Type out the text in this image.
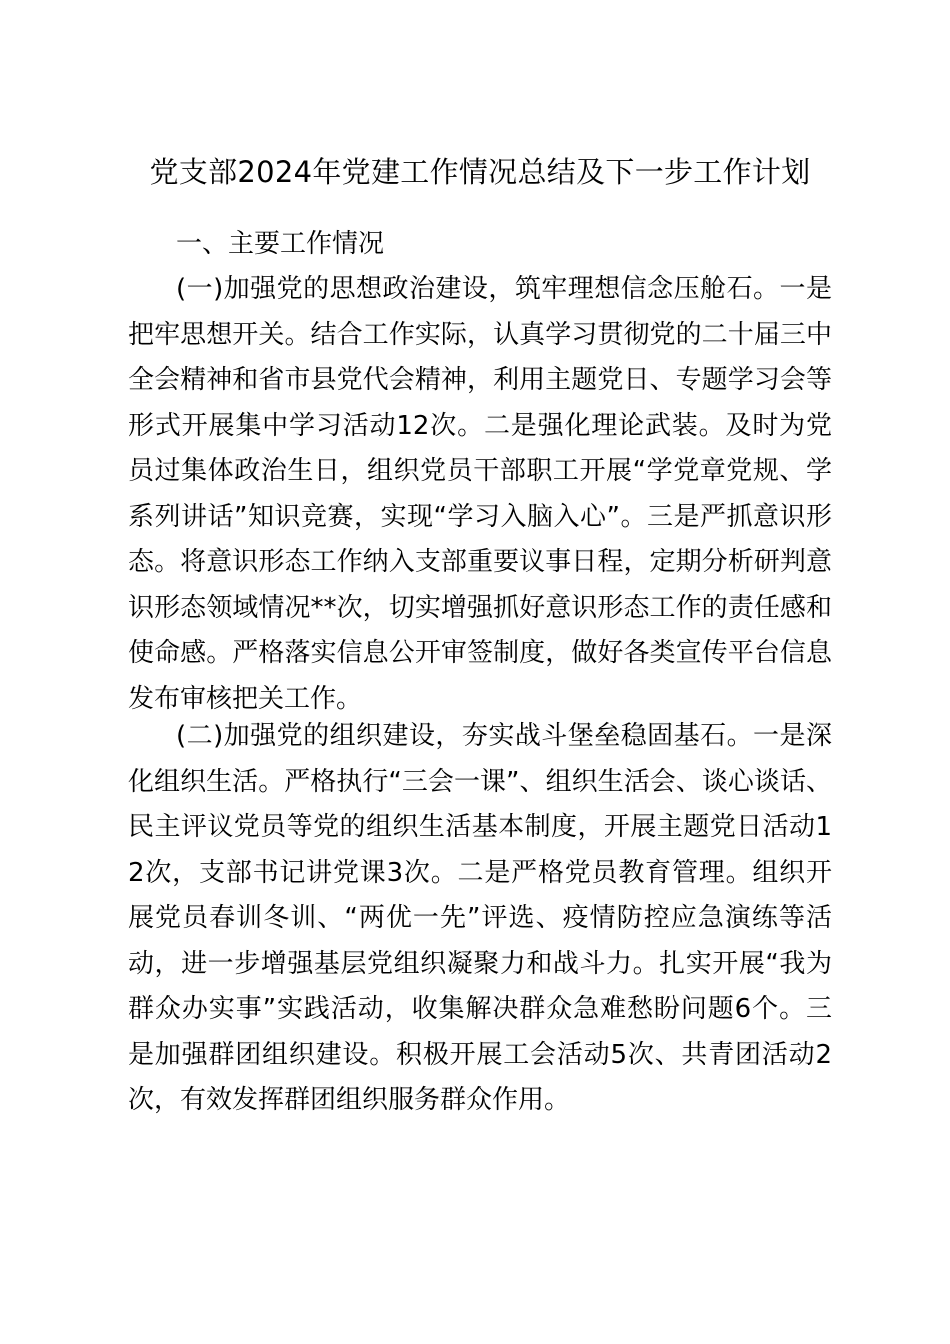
党支部2024年党建工作情况总结及下一步工作计划
一、主要工作情况

(一)加强党的思想政治建设，筑牢理想信念压舱石。一是把牢思想开关。结合工作实际，认真学习贯彻党的二十届三中全会精神和省市县党代会精神，利用主题党日、专题学习会等形式开展集中学习活动12次。二是强化理论武装。及时为党员过集体政治生日，组织党员干部职工开展“学党章党规、学系列讲话”知识竞赛，实现“学习入脑入心”。三是严抓意识形态。将意识形态工作纳入支部重要议事日程，定期分析研判意识形态领域情况**次，切实增强抓好意识形态工作的责任感和使命感。严格落实信息公开审签制度，做好各类宣传平台信息发布审核把关工作。

(二)加强党的组织建设，夯实战斗堡垒稳固基石。一是深化组织生活。严格执行“三会一课”、组织生活会、谈心谈话、民主评议党员等党的组织生活基本制度，开展主题党日活动12次，支部书记讲党课3次。二是严格党员教育管理。组织开展党员春训冬训、“两优一先”评选、疫情防控应急演练等活动，进一步增强基层党组织凝聚力和战斗力。扎实开展“我为群众办实事”实践活动，收集解决群众急难愁盼问题6个。三是加强群团组织建设。积极开展工会活动5次、共青团活动2次，有效发挥群团组织服务群众作用。
